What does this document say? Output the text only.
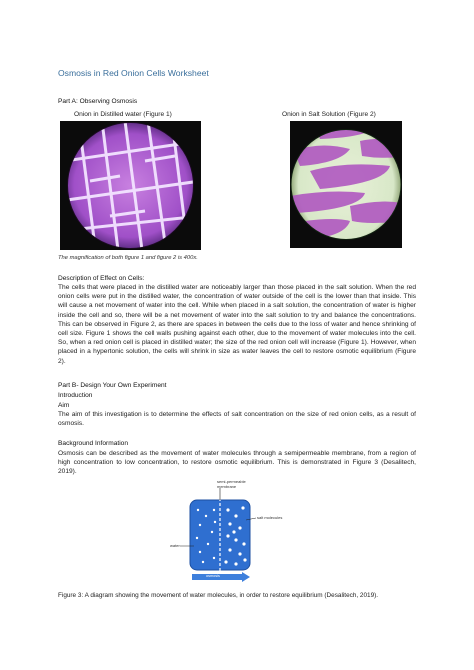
Osmosis in Red Onion Cells Worksheet
Part A: Observing Osmosis
Onion in Distilled water (Figure 1)	Onion in Salt Solution (Figure 2)
The magnification of both figure 1 and figure 2 is 400x.
Description of Effect on Cells:
The cells that were placed in the distilled water are noticeably larger than those placed in the salt solution. When the red onion cells were put in the distilled water, the concentration of water outside of the cell is the lower than that inside. This will cause a net movement of water into the cell. While when placed in a salt solution, the concentration of water is higher inside the cell and so, there will be a net movement of water into the salt solution to try and balance the concentrations. This can be observed in Figure 2, as there are spaces in between the cells due to the loss of water and hence shrinking of cell size. Figure 1 shows the cell walls pushing against each other, due to the movement of water molecules into the cell. So, when a red onion cell is placed in distilled water; the size of the red onion cell will increase (Figure 1). However, when placed in a hypertonic solution, the cells will shrink in size as water leaves the cell to restore osmotic equilibrium (Figure 2).
Part B- Design Your Own Experiment
Introduction
Aim
The aim of this investigation is to determine the effects of salt concentration on the size of red onion cells, as a result of osmosis.
Background Information
Osmosis can be described as the movement of water molecules through a semipermeable membrane, from a region of high concentration to low concentration, to restore osmotic equilibrium. This is demonstrated in Figure 3 (Desalitech, 2019).
semi-permeable membrane
salt molecules
water
osmosis
Figure 3: A diagram showing the movement of water molecules, in order to restore equilibrium (Desalitech, 2019).
